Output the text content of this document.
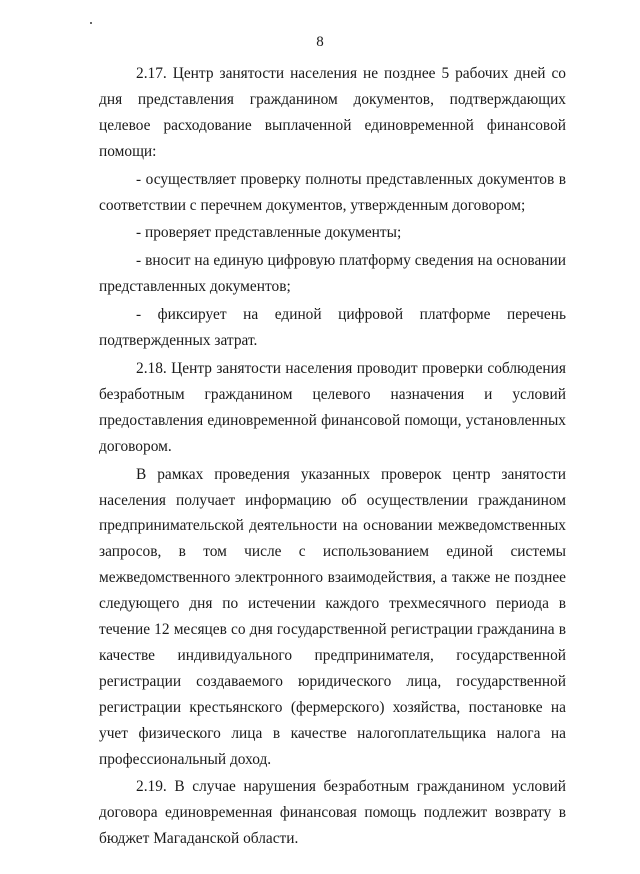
8

2.17. Центр занятости населения не позднее 5 рабочих дней со дня представления гражданином документов, подтверждающих целевое расходование выплаченной единовременной финансовой помощи:

- осуществляет проверку полноты представленных документов в соответствии с перечнем документов, утвержденным договором;

- проверяет представленные документы;

- вносит на единую цифровую платформу сведения на основании представленных документов;

- фиксирует на единой цифровой платформе перечень подтвержденных затрат.

2.18. Центр занятости населения проводит проверки соблюдения безработным гражданином целевого назначения и условий предоставления единовременной финансовой помощи, установленных договором.

В рамках проведения указанных проверок центр занятости населения получает информацию об осуществлении гражданином предпринимательской деятельности на основании межведомственных запросов, в том числе с использованием единой системы межведомственного электронного взаимодействия, а также не позднее следующего дня по истечении каждого трехмесячного периода в течение 12 месяцев со дня государственной регистрации гражданина в качестве индивидуального предпринимателя, государственной регистрации создаваемого юридического лица, государственной регистрации крестьянского (фермерского) хозяйства, постановке на учет физического лица в качестве налогоплательщика налога на профессиональный доход.

2.19. В случае нарушения безработным гражданином условий договора единовременная финансовая помощь подлежит возврату в бюджет Магаданской области.
